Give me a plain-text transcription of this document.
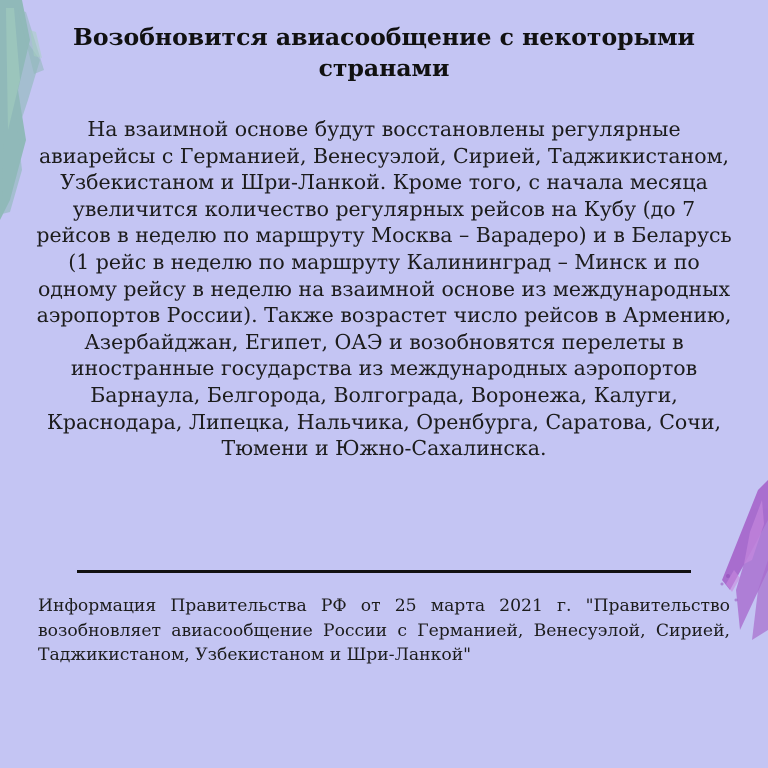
Возобновится авиасообщение с некоторыми странами

На взаимной основе будут восстановлены регулярные авиарейсы с Германией, Венесуэлой, Сирией, Таджикистаном, Узбекистаном и Шри-Ланкой. Кроме того, с начала месяца увеличится количество регулярных рейсов на Кубу (до 7 рейсов в неделю по маршруту Москва – Варадеро) и в Беларусь (1 рейс в неделю по маршруту Калининград – Минск и по одному рейсу в неделю на взаимной основе из международных аэропортов России). Также возрастет число рейсов в Армению, Азербайджан, Египет, ОАЭ и возобновятся перелеты в иностранные государства из международных аэропортов Барнаула, Белгорода, Волгограда, Воронежа, Калуги, Краснодара, Липецка, Нальчика, Оренбурга, Саратова, Сочи, Тюмени и Южно-Сахалинска.

Информация Правительства РФ от 25 марта 2021 г. "Правительство возобновляет авиасообщение России с Германией, Венесуэлой, Сирией, Таджикистаном, Узбекистаном и Шри-Ланкой"
